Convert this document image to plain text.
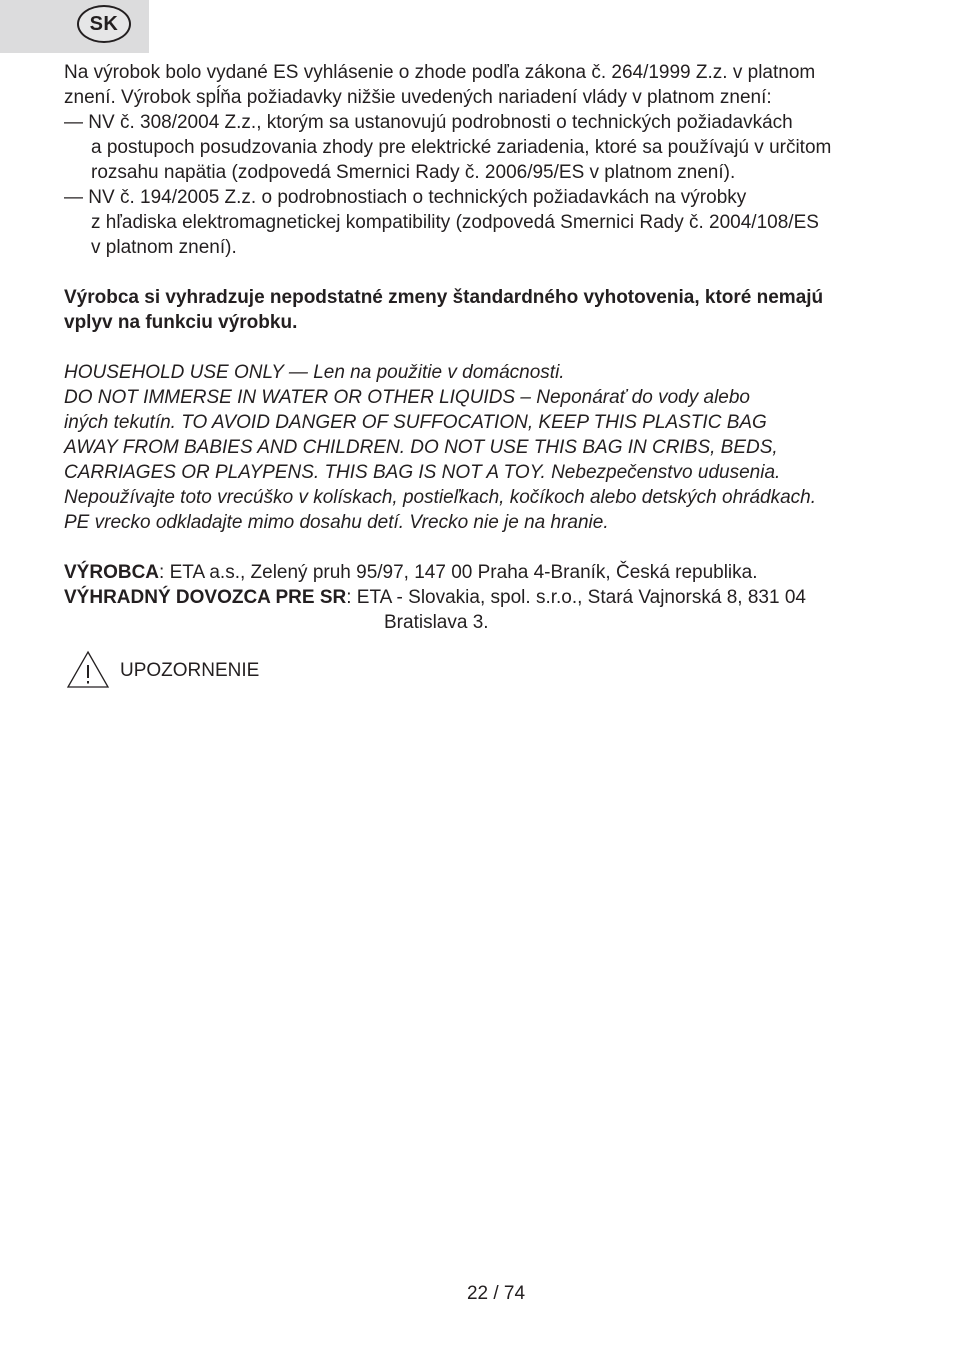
SK
Na výrobok bolo vydané ES vyhlásenie o zhode podľa zákona č. 264/1999 Z.z. v platnom
znení. Výrobok spĺňa požiadavky nižšie uvedených nariadení vlády v platnom znení:
— NV č. 308/2004 Z.z., ktorým sa ustanovujú podrobnosti o technických požiadavkách
a postupoch posudzovania zhody pre elektrické zariadenia, ktoré sa používajú v určitom
rozsahu napätia (zodpovedá Smernici Rady č. 2006/95/ES v platnom znení).
— NV č. 194/2005 Z.z. o podrobnostiach o technických požiadavkách na výrobky
z hľadiska elektromagnetickej kompatibility (zodpovedá Smernici Rady č. 2004/108/ES
v platnom znení).
Výrobca si vyhradzuje nepodstatné zmeny štandardného vyhotovenia, ktoré nemajú
vplyv na funkciu výrobku.
HOUSEHOLD USE ONLY — Len na použitie v domácnosti.
DO NOT IMMERSE IN WATER OR OTHER LIQUIDS – Neponárať do vody alebo
iných tekutín. TO AVOID DANGER OF SUFFOCATION, KEEP THIS PLASTIC BAG
AWAY FROM BABIES AND CHILDREN. DO NOT USE THIS BAG IN CRIBS, BEDS,
CARRIAGES OR PLAYPENS. THIS BAG IS NOT A TOY. Nebezpečenstvo udusenia.
Nepoužívajte toto vrecúško v kolískach, postieľkach, kočíkoch alebo detských ohrádkach.
PE vrecko odkladajte mimo dosahu detí. Vrecko nie je na hranie.
VÝROBCA: ETA a.s., Zelený pruh 95/97, 147 00 Praha 4-Braník, Česká republika.
VÝHRADNÝ DOVOZCA PRE SR: ETA - Slovakia, spol. s.r.o., Stará Vajnorská 8, 831 04
Bratislava 3.
UPOZORNENIE
22 / 74
